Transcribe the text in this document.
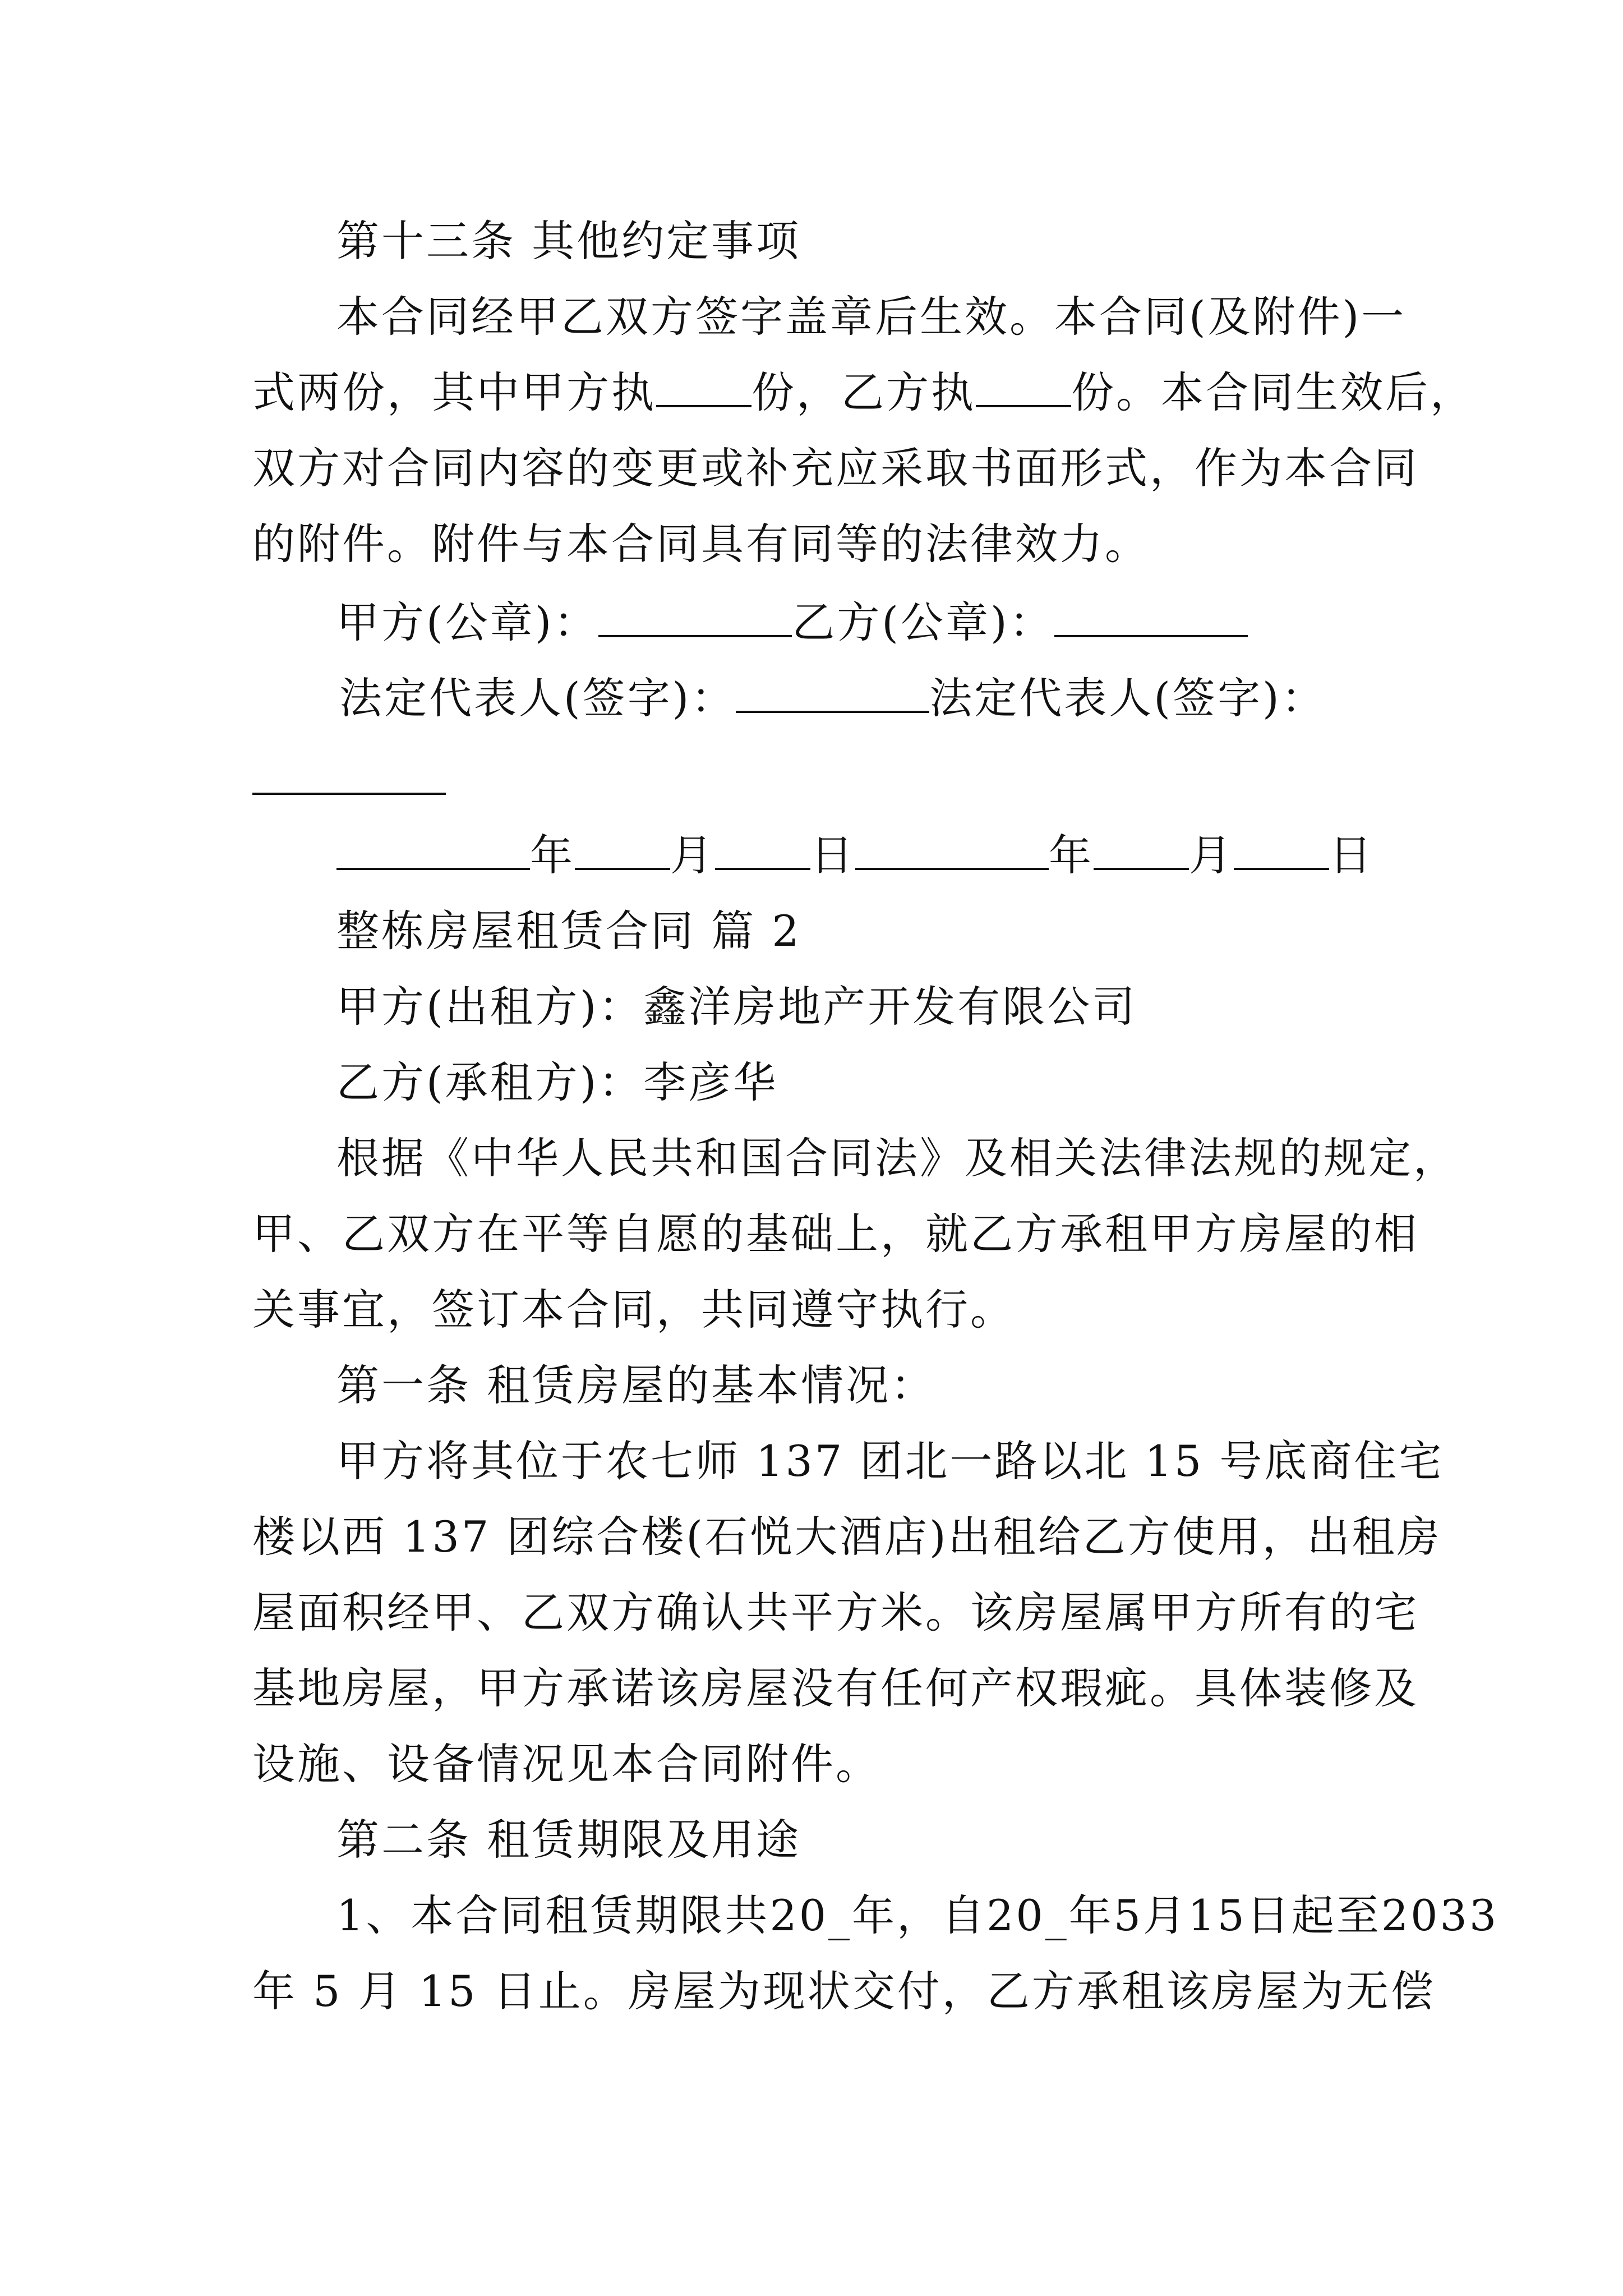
第十三条 其他约定事项
本合同经甲乙双方签字盖章后生效。本合同(及附件)一
式两份，其中甲方执 份，乙方执 份。本合同生效后，
双方对合同内容的变更或补充应采取书面形式，作为本合同
的附件。附件与本合同具有同等的法律效力。
甲方(公章)：	乙方(公章)：
法定代表人(签字)：	法定代表人(签字)：
年 月 日	年 月 日
整栋房屋租赁合同 篇 2
甲方(出租方)：鑫洋房地产开发有限公司
乙方(承租方)：李彦华
根据《中华人民共和国合同法》及相关法律法规的规定，
甲、乙双方在平等自愿的基础上，就乙方承租甲方房屋的相
关事宜，签订本合同，共同遵守执行。
第一条 租赁房屋的基本情况：
甲方将其位于农七师 137 团北一路以北 15 号底商住宅
楼以西 137 团综合楼(石悦大酒店)出租给乙方使用，出租房
屋面积经甲、乙双方确认共平方米。该房屋属甲方所有的宅
基地房屋，甲方承诺该房屋没有任何产权瑕疵。具体装修及
设施、设备情况见本合同附件。
第二条 租赁期限及用途
1、本合同租赁期限共20_年，自20_年5月15日起至2033
年 5 月 15 日止。房屋为现状交付，乙方承租该房屋为无偿
